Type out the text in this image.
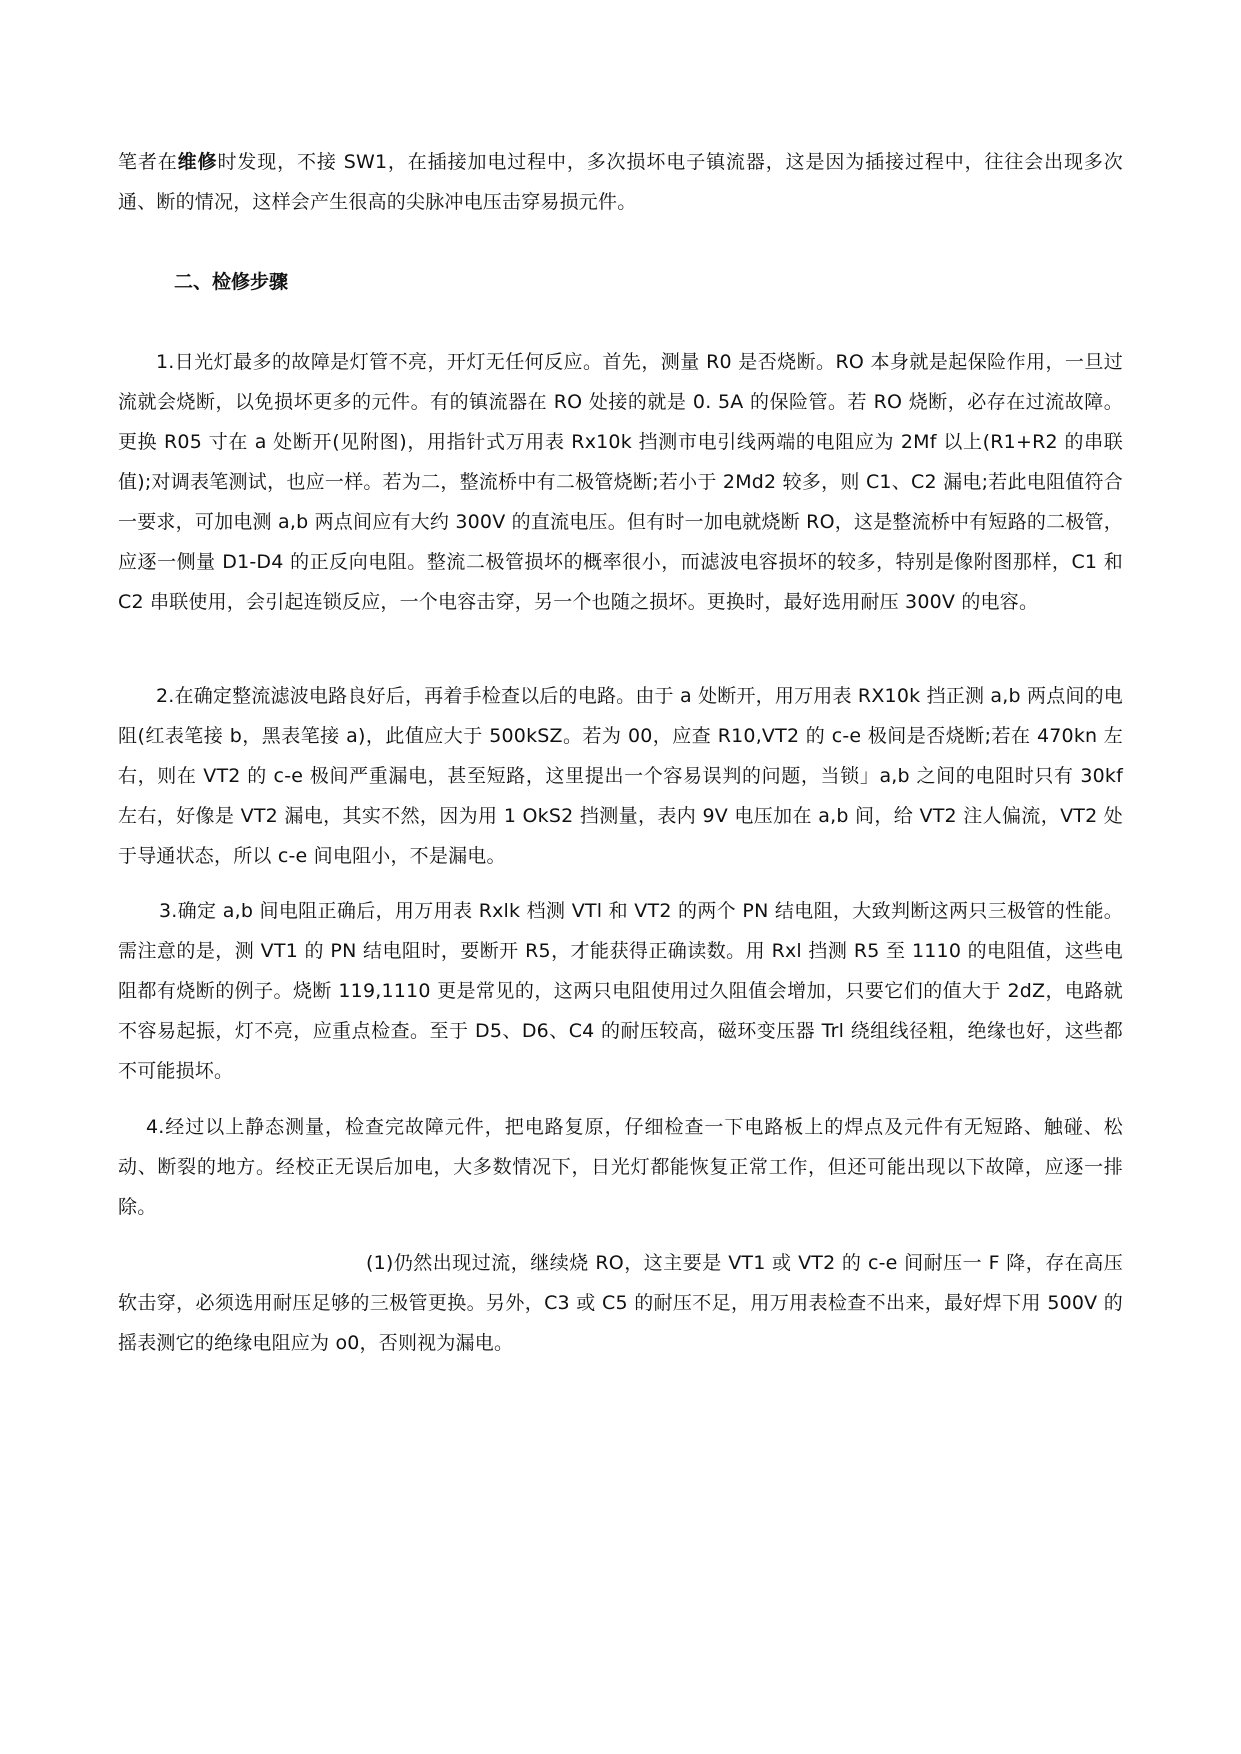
笔者在维修时发现，不接 SW1，在插接加电过程中，多次损坏电子镇流器，这是因为插接过程中，往往会出现多次通、断的情况，这样会产生很高的尖脉冲电压击穿易损元件。

二、检修步骤

1.日光灯最多的故障是灯管不亮，开灯无任何反应。首先，测量 R0 是否烧断。RO 本身就是起保险作用，一旦过流就会烧断，以免损坏更多的元件。有的镇流器在 RO 处接的就是 0. 5A 的保险管。若 RO 烧断，必存在过流故障。更换 R05 寸在 a 处断开(见附图)，用指针式万用表 Rx10k 挡测市电引线两端的电阻应为 2Mf 以上(R1+R2 的串联值);对调表笔测试，也应一样。若为二，整流桥中有二极管烧断;若小于 2Md2 较多，则 C1、C2 漏电;若此电阻值符合一要求，可加电测 a,b 两点间应有大约 300V 的直流电压。但有时一加电就烧断 RO，这是整流桥中有短路的二极管，应逐一侧量 D1-D4 的正反向电阻。整流二极管损坏的概率很小，而滤波电容损坏的较多，特别是像附图那样，C1 和 C2 串联使用，会引起连锁反应，一个电容击穿，另一个也随之损坏。更换时，最好选用耐压 300V 的电容。

2.在确定整流滤波电路良好后，再着手检查以后的电路。由于 a 处断开，用万用表 RX10k 挡正测 a,b 两点间的电阻(红表笔接 b，黑表笔接 a)，此值应大于 500kSZ。若为 00，应查 R10,VT2 的 c-e 极间是否烧断;若在 470kn 左右，则在 VT2 的 c-e 极间严重漏电，甚至短路，这里提出一个容易误判的问题，当锁」a,b 之间的电阻时只有 30kf 左右，好像是 VT2 漏电，其实不然，因为用 1 OkS2 挡测量，表内 9V 电压加在 a,b 间，给 VT2 注人偏流，VT2 处于导通状态，所以 c-e 间电阻小，不是漏电。

3.确定 a,b 间电阻正确后，用万用表 Rxlk 档测 VTl 和 VT2 的两个 PN 结电阻，大致判断这两只三极管的性能。需注意的是，测 VT1 的 PN 结电阻时，要断开 R5，才能获得正确读数。用 Rxl 挡测 R5 至 1110 的电阻值，这些电阻都有烧断的例子。烧断 119,1110 更是常见的，这两只电阻使用过久阻值会增加，只要它们的值大于 2dZ，电路就不容易起振，灯不亮，应重点检查。至于 D5、D6、C4 的耐压较高，磁环变压器 Trl 绕组线径粗，绝缘也好，这些都不可能损坏。

4.经过以上静态测量，检查完故障元件，把电路复原，仔细检查一下电路板上的焊点及元件有无短路、触碰、松动、断裂的地方。经校正无误后加电，大多数情况下，日光灯都能恢复正常工作，但还可能出现以下故障，应逐一排除。

(1)仍然出现过流，继续烧 RO，这主要是 VT1 或 VT2 的 c-e 间耐压一 F 降，存在高压软击穿，必须选用耐压足够的三极管更换。另外，C3 或 C5 的耐压不足，用万用表检查不出来，最好焊下用 500V 的摇表测它的绝缘电阻应为 o0，否则视为漏电。
